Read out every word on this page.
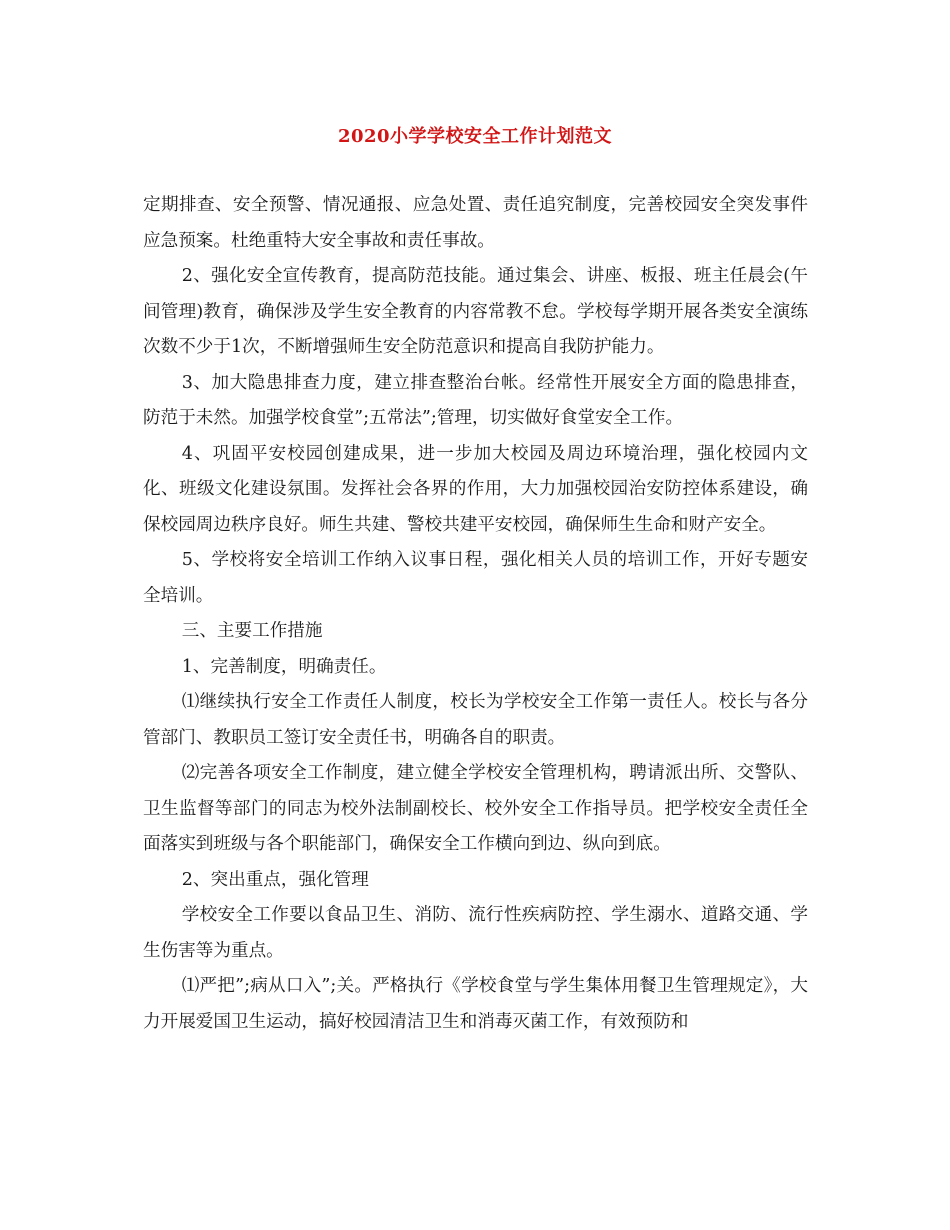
2020小学学校安全工作计划范文

定期排查、安全预警、情况通报、应急处置、责任追究制度，完善校园安全突发事件应急预案。杜绝重特大安全事故和责任事故。

2、强化安全宣传教育，提高防范技能。通过集会、讲座、板报、班主任晨会(午间管理)教育，确保涉及学生安全教育的内容常教不怠。学校每学期开展各类安全演练次数不少于1次，不断增强师生安全防范意识和提高自我防护能力。

3、加大隐患排查力度，建立排查整治台帐。经常性开展安全方面的隐患排查，防范于未然。加强学校食堂”;五常法”;管理，切实做好食堂安全工作。

4、巩固平安校园创建成果，进一步加大校园及周边环境治理，强化校园内文化、班级文化建设氛围。发挥社会各界的作用，大力加强校园治安防控体系建设，确保校园周边秩序良好。师生共建、警校共建平安校园，确保师生生命和财产安全。

5、学校将安全培训工作纳入议事日程，强化相关人员的培训工作，开好专题安全培训。

三、主要工作措施

1、完善制度，明确责任。

⑴继续执行安全工作责任人制度，校长为学校安全工作第一责任人。校长与各分管部门、教职员工签订安全责任书，明确各自的职责。

⑵完善各项安全工作制度，建立健全学校安全管理机构，聘请派出所、交警队、卫生监督等部门的同志为校外法制副校长、校外安全工作指导员。把学校安全责任全面落实到班级与各个职能部门，确保安全工作横向到边、纵向到底。

2、突出重点，强化管理

学校安全工作要以食品卫生、消防、流行性疾病防控、学生溺水、道路交通、学生伤害等为重点。

⑴严把”;病从口入”;关。严格执行《学校食堂与学生集体用餐卫生管理规定》，大力开展爱国卫生运动，搞好校园清洁卫生和消毒灭菌工作，有效预防和
